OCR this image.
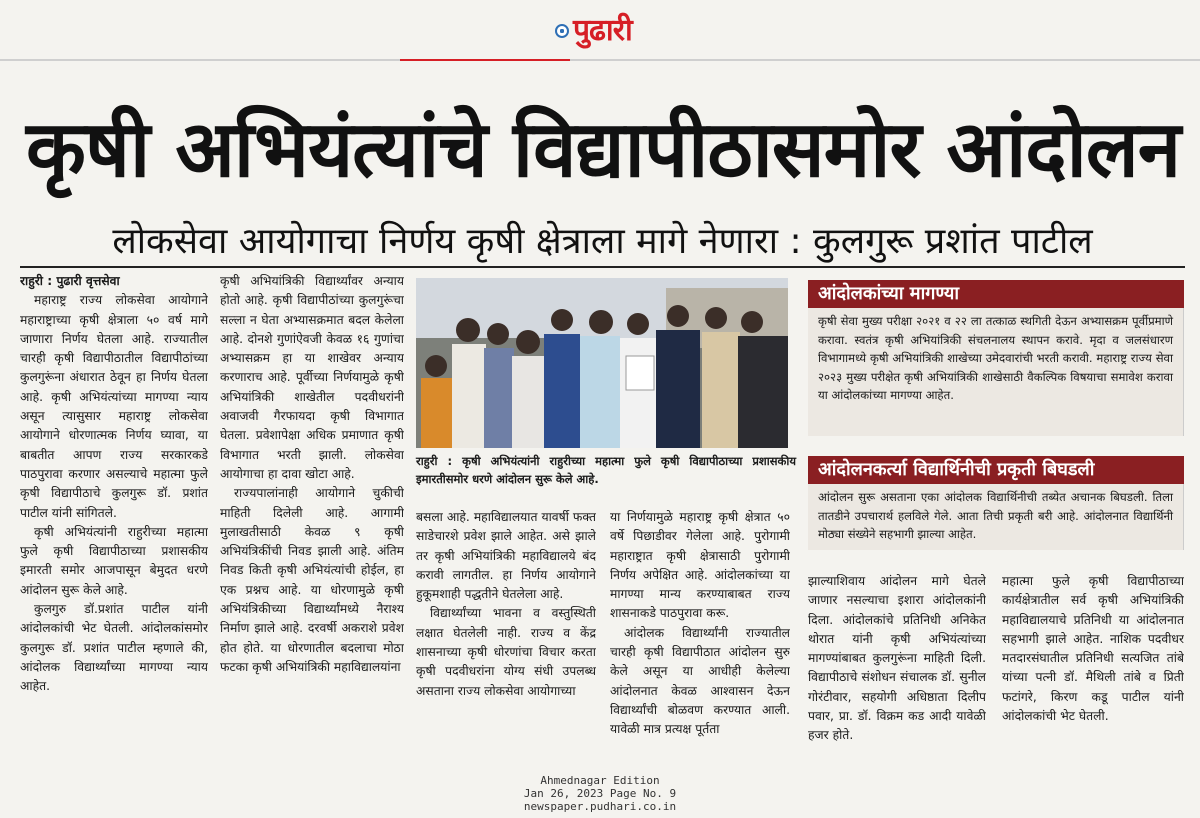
पुढारी
कृषी अभियंत्यांचे विद्यापीठासमोर आंदोलन
लोकसेवा आयोगाचा निर्णय कृषी क्षेत्राला मागे नेणारा : कुलगुरू प्रशांत पाटील

राहुरी : पुढारी वृत्तसेवा

महाराष्ट्र राज्य लोकसेवा आयोगाने महाराष्ट्राच्या कृषी क्षेत्राला ५० वर्ष मागे जाणारा निर्णय घेतला आहे. राज्यातील चारही कृषी विद्यापीठातील विद्यापीठांच्या कुलगुरूंना अंधारात ठेवून हा निर्णय घेतला आहे. कृषी अभियंत्यांच्या मागण्या न्याय असून त्यासुसार महाराष्ट्र लोकसेवा आयोगाने धोरणात्मक निर्णय घ्यावा, या बाबतीत आपण राज्य सरकारकडे पाठपुरावा करणार असल्याचे महात्मा फुले कृषी विद्यापीठाचे कुलगुरू डॉ. प्रशांत पाटील यांनी सांगितले.

कृषी अभियंत्यांनी राहुरीच्या महात्मा फुले कृषी विद्यापीठाच्या प्रशासकीय इमारती समोर आजपासून बेमुदत धरणे आंदोलन सुरू केले आहे.

कुलगुरु डॉ.प्रशांत पाटील यांनी आंदोलकांची भेट घेतली. आंदोलकांसमोर कुलगुरू डॉ. प्रशांत पाटील म्हणाले की, आंदोलक विद्यार्थ्यांच्या मागण्या न्याय आहेत.

कृषी अभियांत्रिकी विद्यार्थ्यांवर अन्याय होतो आहे. कृषी विद्यापीठांच्या कुलगुरूंचा सल्ला न घेता अभ्यासक्रमात बदल केलेला आहे. दोनशे गुणांऐवजी केवळ १६ गुणांचा अभ्यासक्रम हा या शाखेवर अन्याय करणाराच आहे. पूर्वीच्या निर्णयामुळे कृषी अभियांत्रिकी शाखेतील पदवीधरांनी अवाजवी गैरफायदा कृषी विभागात घेतला. प्रवेशापेक्षा अधिक प्रमाणात कृषी विभागात भरती झाली. लोकसेवा आयोगाचा हा दावा खोटा आहे.

राज्यपालांनाही आयोगाने चुकीची माहिती दिलेली आहे. आगामी मुलाखतीसाठी केवळ ९ कृषी अभियंत्रिकींची निवड झाली आहे. अंतिम निवड किती कृषी अभियंत्यांची होईल, हा एक प्रश्नच आहे. या धोरणामुळे कृषी अभियंत्रिकीच्या विद्यार्थ्यांमध्ये नैराश्य निर्माण झाले आहे. दरवर्षी अकराशे प्रवेश होत होते. या धोरणातील बदलाचा मोठा फटका कृषी अभियांत्रिकी महाविद्यालयांना

राहुरी : कृषी अभियंत्यांनी राहुरीच्या महात्मा फुले कृषी विद्यापीठाच्या प्रशासकीय इमारतीसमोर धरणे आंदोलन सुरू केले आहे.

बसला आहे. महाविद्यालयात यावर्षी फक्त साडेचारशे प्रवेश झाले आहेत. असे झाले तर कृषी अभियांत्रिकी महाविद्यालये बंद करावी लागतील. हा निर्णय आयोगाने हुकूमशाही पद्धतीने घेतलेला आहे.

विद्यार्थ्यांच्या भावना व वस्तुस्थिती लक्षात घेतलेली नाही. राज्य व केंद्र शासनाच्या कृषी धोरणांचा विचार करता कृषी पदवीधरांना योग्य संधी उपलब्ध असताना राज्य लोकसेवा आयोगाच्या

या निर्णयामुळे महाराष्ट्र कृषी क्षेत्रात ५० वर्षे पिछाडीवर गेलेला आहे. पुरोगामी महाराष्ट्रात कृषी क्षेत्रासाठी पुरोगामी निर्णय अपेक्षित आहे. आंदोलकांच्या या मागण्या मान्य करण्याबाबत राज्य शासनाकडे पाठपुरावा करू.

आंदोलक विद्यार्थ्यांनी राज्यातील चारही कृषी विद्यापीठात आंदोलन सुरु केले असून या आधीही केलेल्या आंदोलनात केवळ आश्वासन देऊन विद्यार्थ्यांची बोळवण करण्यात आली. यावेळी मात्र प्रत्यक्ष पूर्तता

आंदोलकांच्या मागण्या
कृषी सेवा मुख्य परीक्षा २०२१ व २२ ला तत्काळ स्थगिती देऊन अभ्यासक्रम पूर्वीप्रमाणे करावा. स्वतंत्र कृषी अभियांत्रिकी संचलनालय स्थापन करावे. मृदा व जलसंधारण विभागामध्ये कृषी अभियांत्रिकी शाखेच्या उमेदवारांची भरती करावी. महाराष्ट्र राज्य सेवा २०२३ मुख्य परीक्षेत कृषी अभियांत्रिकी शाखेसाठी वैकल्पिक विषयाचा समावेश करावा या आंदोलकांच्या मागण्या आहेत.
आंदोलनकर्त्या विद्यार्थिनीची प्रकृती बिघडली
आंदोलन सुरू असताना एका आंदोलक विद्यार्थिनीची तब्येत अचानक बिघडली. तिला तातडीने उपचारार्थ हलविले गेले. आता तिची प्रकृती बरी आहे. आंदोलनात विद्यार्थिनी मोठ्या संख्येने सहभागी झाल्या आहेत.

झाल्याशिवाय आंदोलन मागे घेतले जाणार नसल्याचा इशारा आंदोलकांनी दिला. आंदोलकांचे प्रतिनिधी अनिकेत थोरात यांनी कृषी अभियंत्यांच्या मागण्यांबाबत कुलगुरूंना माहिती दिली. विद्यापीठाचे संशोधन संचालक डॉ. सुनील गोरंटीवार, सहयोगी अधिष्ठाता दिलीप पवार, प्रा. डॉ. विक्रम कड आदी यावेळी हजर होते.

महात्मा फुले कृषी विद्यापीठाच्या कार्यक्षेत्रातील सर्व कृषी अभियांत्रिकी महाविद्यालयाचे प्रतिनिधी या आंदोलनात सहभागी झाले आहेत. नाशिक पदवीधर मतदारसंघातील प्रतिनिधी सत्यजित तांबे यांच्या पत्नी डॉ. मैथिली तांबे व प्रिती फटांगरे, किरण कडू पाटील यांनी आंदोलकांची भेट घेतली.

Ahmednagar Edition
Jan 26, 2023 Page No. 9
newspaper.pudhari.co.in
